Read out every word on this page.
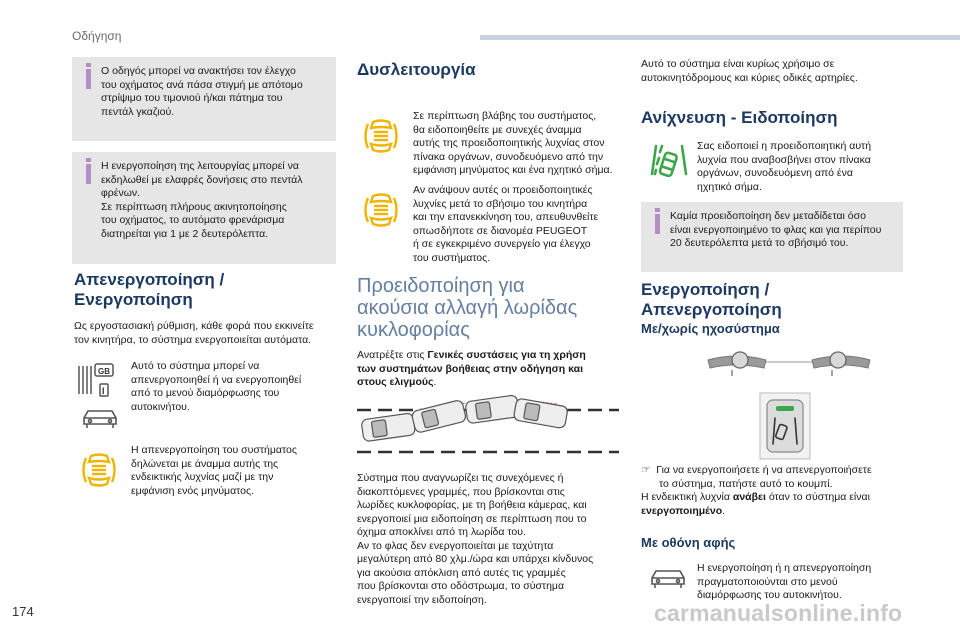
Οδήγηση

Ο οδηγός μπορεί να ανακτήσει τον έλεγχο

του οχήματος ανά πάσα στιγμή με απότομο

στρίψιμο του τιμονιού ή/και πάτημα του

πεντάλ γκαζιού.

Η ενεργοποίηση της λειτουργίας μπορεί να

εκδηλωθεί με ελαφρές δονήσεις στο πεντάλ

φρένων.

Σε περίπτωση πλήρους ακινητοποίησης

του οχήματος, το αυτόματο φρενάρισμα

διατηρείται για 1 με 2 δευτερόλεπτα.

Απενεργοποίηση /
Ενεργοποίηση
Ως εργοστασιακή ρύθμιση, κάθε φορά που εκκινείτε
τον κινητήρα, το σύστημα ενεργοποιείται αυτόματα.
GB
I
Αυτό το σύστημα μπορεί να
απενεργοποιηθεί ή να ενεργοποιηθεί
από το μενού διαμόρφωσης του
αυτοκινήτου.
Η απενεργοποίηση του συστήματος
δηλώνεται με άναμμα αυτής της
ενδεικτικής λυχνίας μαζί με την
εμφάνιση ενός μηνύματος.
Δυσλειτουργία
Σε περίπτωση βλάβης του συστήματος,
θα ειδοποιηθείτε με συνεχές άναμμα
αυτής της προειδοποιητικής λυχνίας στον
πίνακα οργάνων, συνοδευόμενο από την
εμφάνιση μηνύματος και ένα ηχητικό σήμα.
Αν ανάψουν αυτές οι προειδοποιητικές
λυχνίες μετά το σβήσιμο του κινητήρα
και την επανεκκίνηση του, απευθυνθείτε
οπωσδήποτε σε διανομέα PEUGEOT
ή σε εγκεκριμένο συνεργείο για έλεγχο
του συστήματος.
Προειδοποίηση για
ακούσια αλλαγή λωρίδας
κυκλοφορίας
Ανατρέξτε στις Γενικές συστάσεις για τη χρήση
των συστημάτων βοήθειας στην οδήγηση και
στους ελιγμούς.
Σύστημα που αναγνωρίζει τις συνεχόμενες ή
διακοπτόμενες γραμμές, που βρίσκονται στις
λωρίδες κυκλοφορίας, με τη βοήθεια κάμερας, και
ενεργοποιεί μια ειδοποίηση σε περίπτωση που το
όχημα αποκλίνει από τη λωρίδα του.
Αν το φλας δεν ενεργοποιείται με ταχύτητα
μεγαλύτερη από 80 χλμ./ώρα και υπάρχει κίνδυνος
για ακούσια απόκλιση από αυτές τις γραμμές
που βρίσκονται στο οδόστρωμα, το σύστημα
ενεργοποιεί την ειδοποίηση.
Αυτό το σύστημα είναι κυρίως χρήσιμο σε
αυτοκινητόδρομους και κύριες οδικές αρτηρίες.
Ανίχνευση - Ειδοποίηση
Σας ειδοποιεί η προειδοποιητική αυτή
λυχνία που αναβοσβήνει στον πίνακα
οργάνων, συνοδευόμενη από ένα
ηχητικό σήμα.

Καμία προειδοποίηση δεν μεταδίδεται όσο

είναι ενεργοποιημένο το φλας και για περίπου

20 δευτερόλεπτα μετά το σβήσιμό του.

Ενεργοποίηση /
Απενεργοποίηση
Με/χωρίς ηχοσύστημα
☞ Για να ενεργοποιήσετε ή να απενεργοποιήσετε
το σύστημα, πατήστε αυτό το κουμπί.
Η ενδεικτική λυχνία ανάβει όταν το σύστημα είναι
ενεργοποιημένο.
Με οθόνη αφής
Η ενεργοποίηση ή η απενεργοποίηση
πραγματοποιούνται στο μενού
διαμόρφωσης του αυτοκινήτου.
174	carmanualsonline.info
